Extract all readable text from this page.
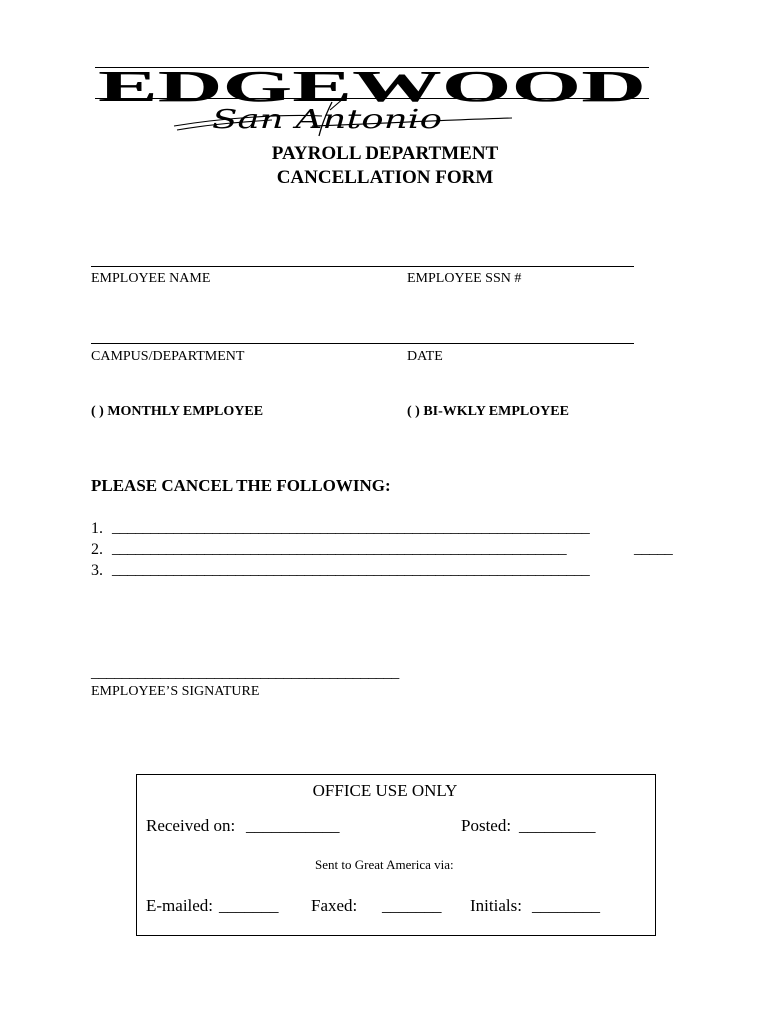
EDGEWOOD
San Antonio
PAYROLL DEPARTMENT
CANCELLATION FORM
EMPLOYEE NAME	EMPLOYEE SSN #
CAMPUS/DEPARTMENT	DATE
( ) MONTHLY EMPLOYEE	( ) BI-WKLY EMPLOYEE
PLEASE CANCEL THE FOLLOWING:
1. ______________________________________________________________
2. ___________________________________________________________	_____
3. ______________________________________________________________
________________________________________
EMPLOYEE’S SIGNATURE
OFFICE USE ONLY
Received on: ___________	Posted: _________
Sent to Great America via:
E-mailed: _______ Faxed: _______ Initials: ________
